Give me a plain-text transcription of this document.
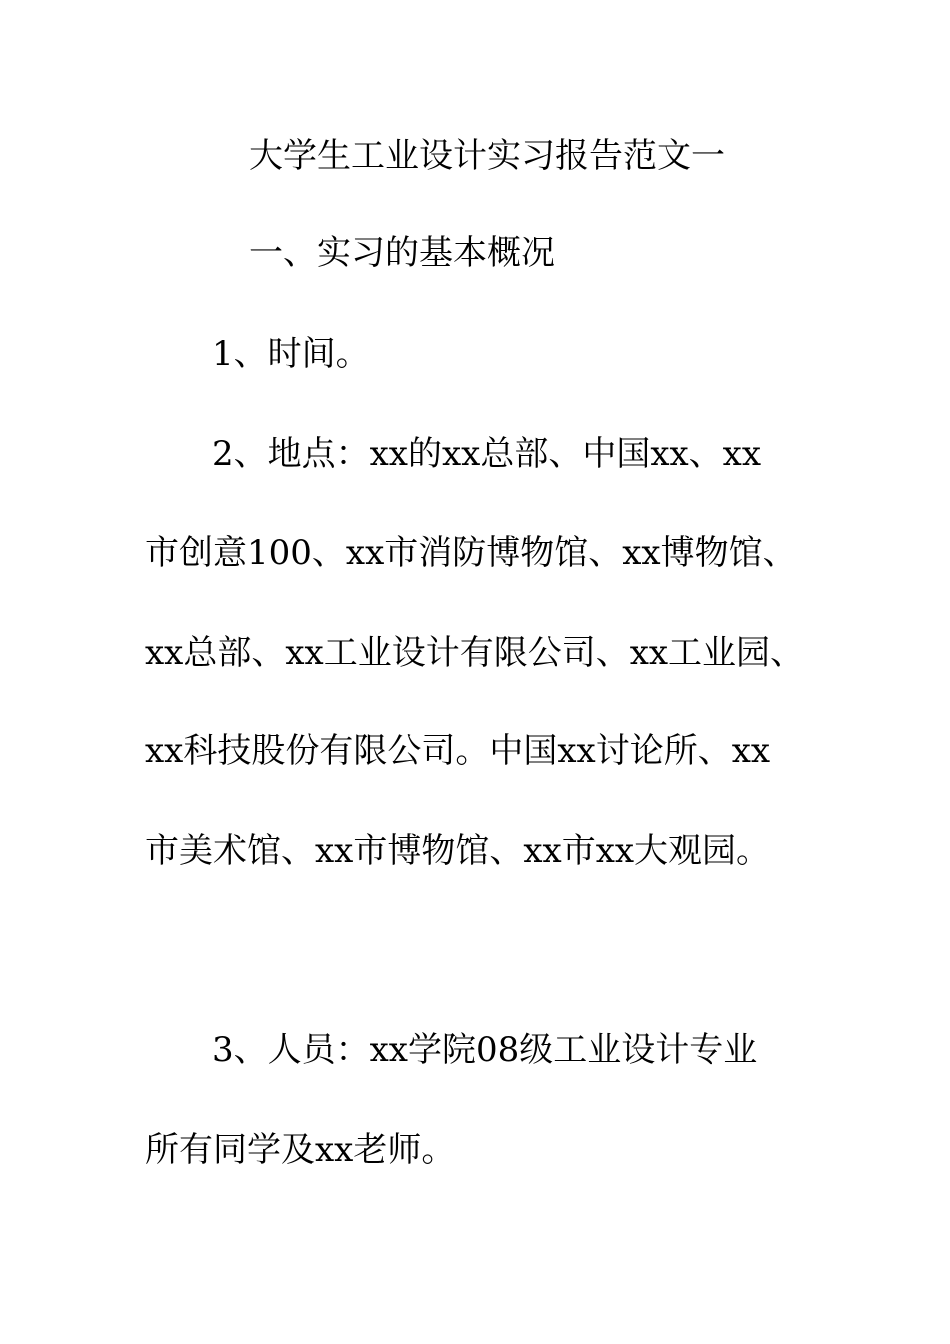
大学生工业设计实习报告范文一
一、实习的基本概况
1、时间。
2、地点：xx的xx总部、中国xx、xx
市创意100、xx市消防博物馆、xx博物馆、
xx总部、xx工业设计有限公司、xx工业园、
xx科技股份有限公司。中国xx讨论所、xx
市美术馆、xx市博物馆、xx市xx大观园。
3、人员：xx学院08级工业设计专业
所有同学及xx老师。
